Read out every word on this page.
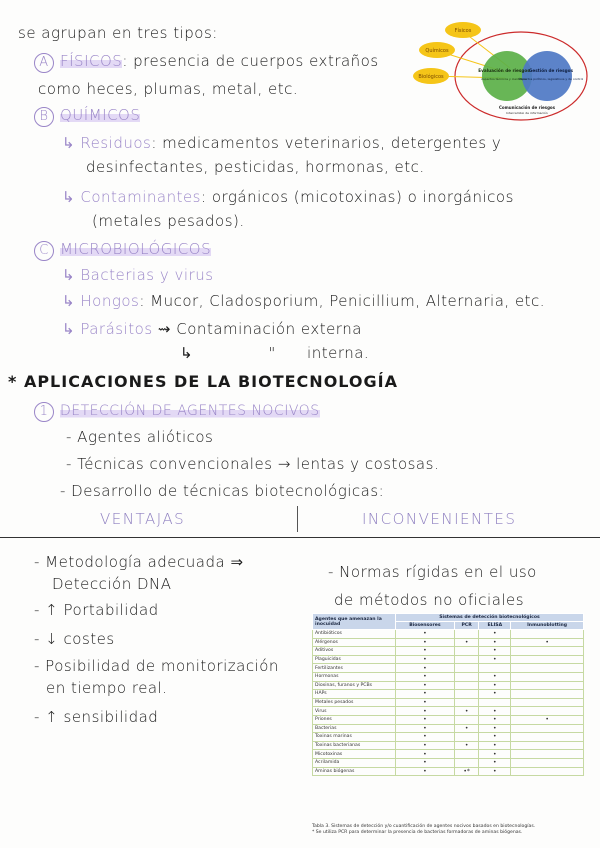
se agrupan en tres tipos:
A FÍSICOS: presencia de cuerpos extraños
como heces, plumas, metal, etc.
B QUÍMICOS
↳ Residuos: medicamentos veterinarios, detergentes y
desinfectantes, pesticidas, hormonas, etc.
↳ Contaminantes: orgánicos (micotoxinas) o inorgánicos
(metales pesados).
C MICROBIOLÓGICOS
↳ Bacterias y virus
↳ Hongos: Mucor, Cladosporium, Penicillium, Alternaria, etc.
↳ Parásitos ⇝ Contaminación externa
↳	" interna.
* APLICACIONES DE LA BIOTECNOLOGÍA
1 DETECCIÓN DE AGENTES NOCIVOS
- Agentes alióticos
- Técnicas convencionales → lentas y costosas.
- Desarrollo de técnicas biotecnológicas:
VENTAJAS	INCONVENIENTES
- Metodología adecuada ⇒
Detección DNA
- ↑ Portabilidad
- ↓ costes
- Posibilidad de monitorización
en tiempo real.
- ↑ sensibilidad
- Normas rígidas en el uso
de métodos no oficiales
Físicos
Químicos
Biológicos
Evaluación de riesgos
Aspectos técnicos y científicos
Gestión de riesgos
Aspectos políticos, legislativos y de control
Comunicación de riesgos
Intercambio de información
Agentes que amenazan la inocuidad	Sistemas de detección biotecnológicos			
	Biosensores	PCR	ELISA	Inmunoblotting
Antibióticos	•		•	
Alérgenos	•	•	•	•
Aditivos	•		•	
Plaguicidas	•		•	
Fertilizantes	•			
Hormonas	•		•	
Dioxinas, furanos y PCBs	•		•	
HAPs	•		•	
Metales pesados	•			
Virus	•	•	•	
Priones	•		•	•
Bacterias	•	•	•	
Toxinas marinas	•		•	
Toxinas bacterianas	•	•	•	
Micotoxinas	•		•	
Acrilamida	•		•	
Aminas biógenas	•	•*	•	
Tabla 3. Sistemas de detección y/o cuantificación de agentes nocivos basados en biotecnologías.
* Se utiliza PCR para determinar la presencia de bacterias formadoras de aminas biógenas.
